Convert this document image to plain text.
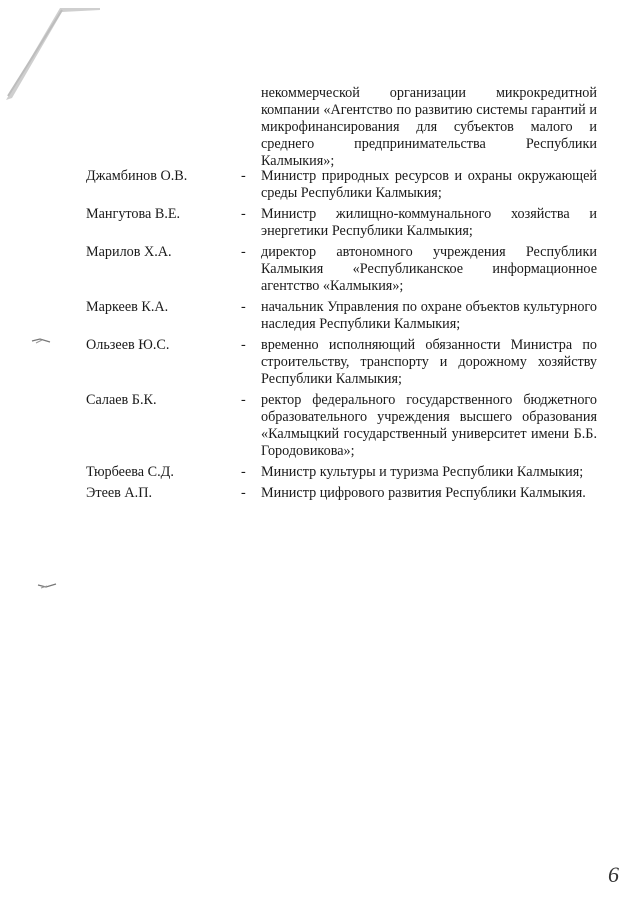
некоммерческой организации микрокредитной компании «Агентство по развитию системы гарантий и микрофинансирования для субъектов малого и среднего предпринимательства Республики Калмыкия»;
Джамбинов О.В.	-	Министр природных ресурсов и охраны окружающей среды Республики Калмыкия;
Мангутова В.Е.	-	Министр жилищно-коммунального хозяйства и энергетики Республики Калмыкия;
Марилов Х.А.	-	директор автономного учреждения Республики Калмыкия «Республиканское информационное агентство «Калмыкия»;
Маркеев К.А.	-	начальник Управления по охране объектов культурного наследия Республики Калмыкия;
Ользеев Ю.С.	-	временно исполняющий обязанности Министра по строительству, транспорту и дорожному хозяйству Республики Калмыкия;
Салаев Б.К.	-	ректор федерального государственного бюджетного образовательного учреждения высшего образования «Калмыцкий государственный университет имени Б.Б. Городовикова»;
Тюрбеева С.Д.	-	Министр культуры и туризма Республики Калмыкия;
Этеев А.П.	-	Министр цифрового развития Республики Калмыкия.
6
